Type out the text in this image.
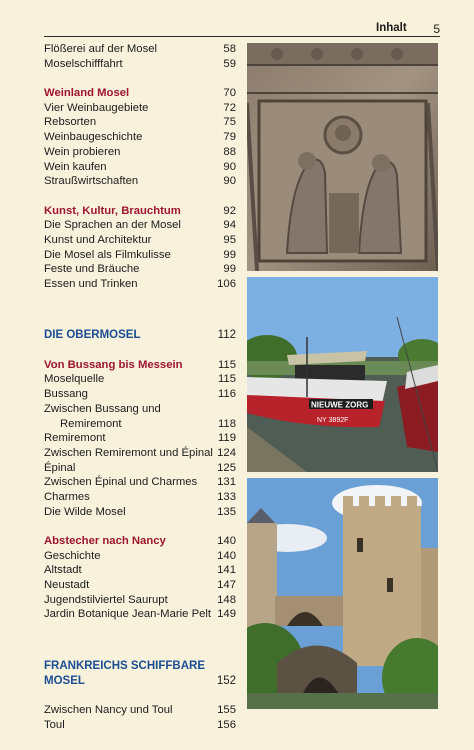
Inhalt 5
Flößerei auf der Mosel	58
Moselschifffahrt	59
Weinland Mosel	70
Vier Weinbaugebiete	72
Rebsorten	75
Weinbaugeschichte	79
Wein probieren	88
Wein kaufen	90
Straußwirtschaften	90
Kunst, Kultur, Brauchtum	92
Die Sprachen an der Mosel	94
Kunst und Architektur	95
Die Mosel als Filmkulisse	99
Feste und Bräuche	99
Essen und Trinken	106
DIE OBERMOSEL	112
Von Bussang bis Messein	115
Moselquelle	115
Bussang	116
Zwischen Bussang und
Remiremont	118
Remiremont	119
Zwischen Remiremont und Épinal 124
Épinal	125
Zwischen Épinal und Charmes 131
Charmes	133
Die Wilde Mosel	135
Abstecher nach Nancy	140
Geschichte	140
Altstadt	141
Neustadt	147
Jugendstilviertel Saurupt	148
Jardin Botanique Jean-Marie Pelt 149
FRANKREICHS SCHIFFBARE
MOSEL	152
Zwischen Nancy und Toul	155
Toul	156
NIEUWE ZORG
NY 3892F
